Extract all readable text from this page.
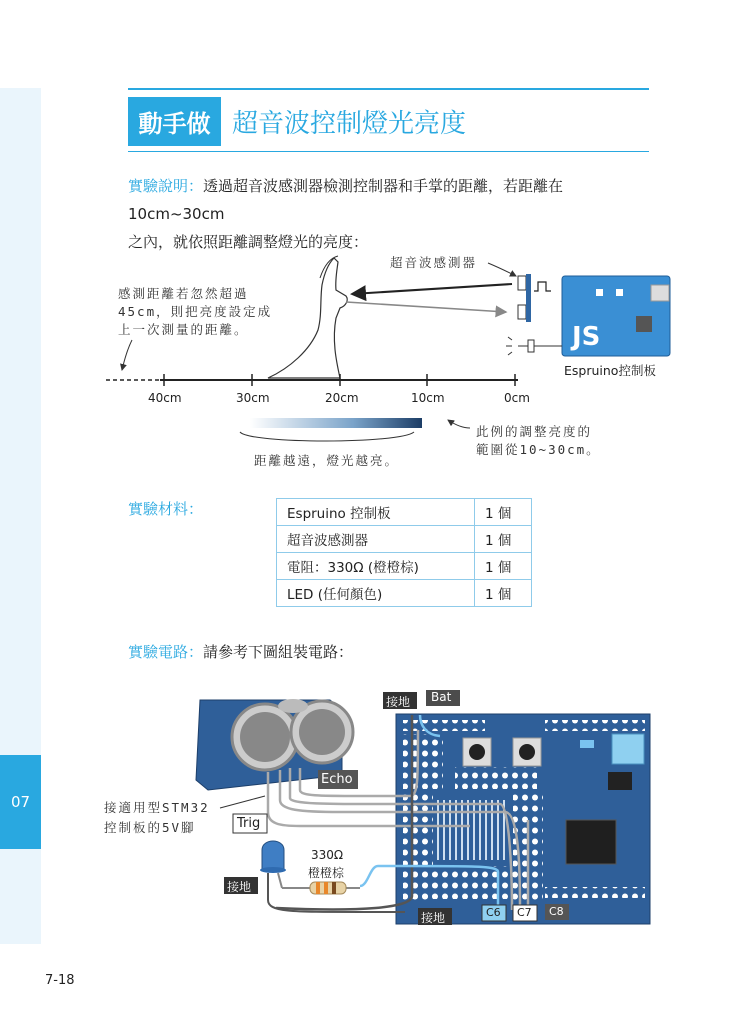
07
動手做 超音波控制燈光亮度
實驗說明：透過超音波感測器檢測控制器和手掌的距離，若距離在 10cm~30cm
之內，就依照距離調整燈光的亮度：
JS
超音波感測器
感測距離若忽然超過
45cm，則把亮度設定成
上一次測量的距離。
Espruino控制板
40cm	30cm	20cm	10cm	0cm
距離越遠，燈光越亮。
此例的調整亮度的
範圍從10~30cm。
實驗材料：	Espruino 控制板	1 個
超音波感測器	1 個
電阻：330Ω (橙橙棕)	1 個
LED (任何顏色)	1 個
實驗電路：請參考下圖組裝電路：
接地 Bat
Echo
Trig
接適用型STM32
控制板的5V腳
330Ω
橙橙棕
接地
接地	C6 C7 C8
7-18
